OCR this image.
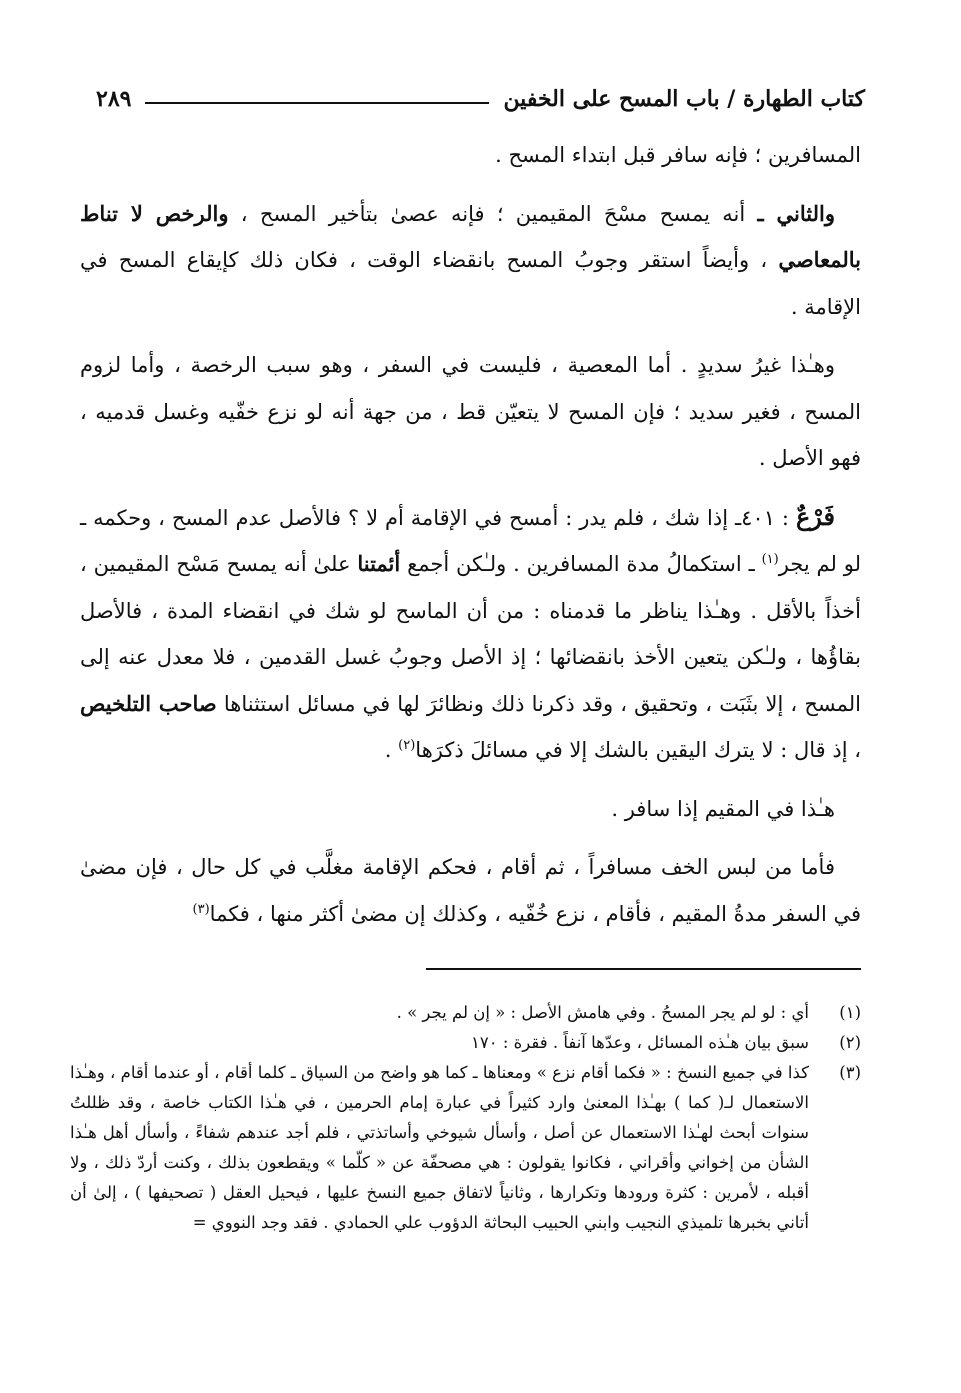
كتاب الطهارة / باب المسح على الخفين
٢٨٩

المسافرين ؛ فإنه سافر قبل ابتداء المسح .

والثاني ـ أنه يمسح مسْحَ المقيمين ؛ فإنه عصىٰ بتأخير المسح ، والرخص لا تناط بالمعاصي ، وأيضاً استقر وجوبُ المسح بانقضاء الوقت ، فكان ذلك كإيقاع المسح في الإقامة .

وهـٰذا غيرُ سديدٍ . أما المعصية ، فليست في السفر ، وهو سبب الرخصة ، وأما لزوم المسح ، فغير سديد ؛ فإن المسح لا يتعيّن قط ، من جهة أنه لو نزع خفّيه وغسل قدميه ، فهو الأصل .

فَرْعٌ : ٤٠١ـ إذا شك ، فلم يدر : أمسح في الإقامة أم لا ؟ فالأصل عدم المسح ، وحكمه ـ لو لم يجر$^{(١)}$ ـ استكمالُ مدة المسافرين . ولـٰكن أجمع أئمتنا علىٰ أنه يمسح مَسْح المقيمين ، أخذاً بالأقل . وهـٰذا يناظر ما قدمناه : من أن الماسح لو شك في انقضاء المدة ، فالأصل بقاؤُها ، ولـٰكن يتعين الأخذ بانقضائها ؛ إذ الأصل وجوبُ غسل القدمين ، فلا معدل عنه إلى المسح ، إلا بثَبَت ، وتحقيق ، وقد ذكرنا ذلك ونظائرَ لها في مسائل استثناها صاحب التلخيص ، إذ قال : لا يترك اليقين بالشك إلا في مسائلَ ذكرَها$^{(٢)}$ .

هـٰذا في المقيم إذا سافر .

فأما من لبس الخف مسافراً ، ثم أقام ، فحكم الإقامة مغلَّب في كل حال ، فإن مضىٰ في السفر مدةُ المقيم ، فأقام ، نزع خُفّيه ، وكذلك إن مضىٰ أكثر منها ، فكما$^{(٣)}$

(١)
أي : لو لم يجر المسحُ . وفي هامش الأصل : « إن لم يجر » .
(٢)
سبق بيان هـٰذه المسائل ، وعدّها آنفاً . فقرة : ١٧٠
(٣)
كذا في جميع النسخ : « فكما أقام نزع » ومعناها ـ كما هو واضح من السياق ـ كلما أقام ، أو عندما أقام ، وهـٰذا الاستعمال لـ( كما ) بهـٰذا المعنىٰ وارد كثيراً في عبارة إمام الحرمين ، في هـٰذا الكتاب خاصة ، وقد ظللتُ سنوات أبحث لهـٰذا الاستعمال عن أصل ، وأسأل شيوخي وأساتذتي ، فلم أجد عندهم شفاءً ، وأسأل أهل هـٰذا الشأن من إخواني وأقراني ، فكانوا يقولون : هي مصحفّة عن « كلّما » ويقطعون بذلك ، وكنت أردّ ذلك ، ولا أقبله ، لأمرين : كثرة ورودها وتكرارها ، وثانياً لاتفاق جميع النسخ عليها ، فيحيل العقل ( تصحيفها ) ، إلىٰ أن أتاني بخبرها تلميذي النجيب وابني الحبيب البحاثة الدؤوب علي الحمادي . فقد وجد النووي =
